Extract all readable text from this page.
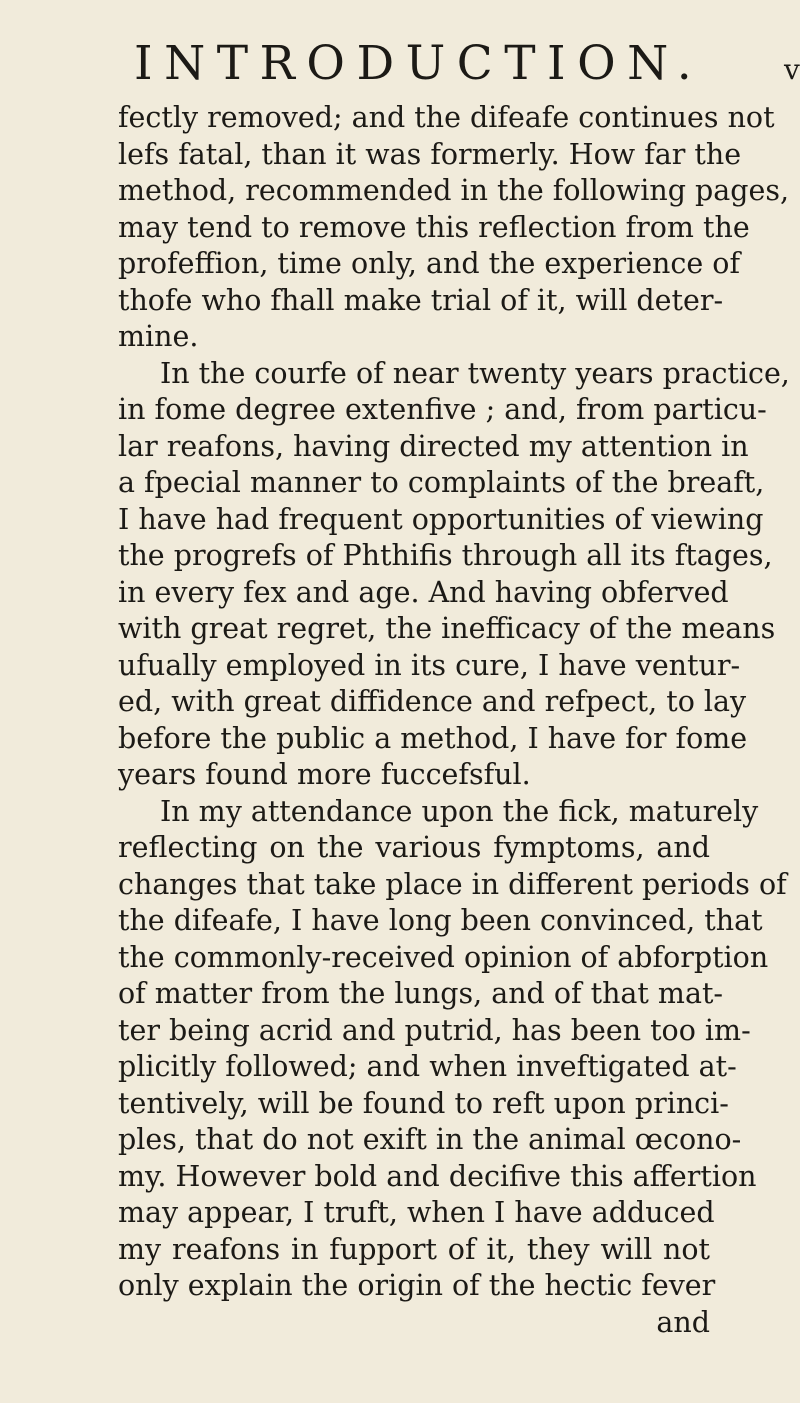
INTRODUCTION.	v
fectly removed; and the difeafe continues not
lefs fatal, than it was formerly. How far the
method, recommended in the following pages,
may tend to remove this reflection from the
profeffion, time only, and the experience of
thofe who fhall make trial of it, will deter-
mine.
In the courfe of near twenty years practice,
in fome degree extenfive ; and, from particu-
lar reafons, having directed my attention in
a fpecial manner to complaints of the breaft,
I have had frequent opportunities of viewing
the progrefs of Phthifis through all its ftages,
in every fex and age. And having obferved
with great regret, the inefficacy of the means
ufually employed in its cure, I have ventur-
ed, with great diffidence and refpect, to lay
before the public a method, I have for fome
years found more fuccefsful.
In my attendance upon the fick, maturely
reflecting on the various fymptoms, and
changes that take place in different periods of
the difeafe, I have long been convinced, that
the commonly-received opinion of abforption
of matter from the lungs, and of that mat-
ter being acrid and putrid, has been too im-
plicitly followed; and when inveftigated at-
tentively, will be found to reft upon princi-
ples, that do not exift in the animal œcono-
my. However bold and decifive this affertion
may appear, I truft, when I have adduced
my reafons in fupport of it, they will not
only explain the origin of the hectic fever
and
